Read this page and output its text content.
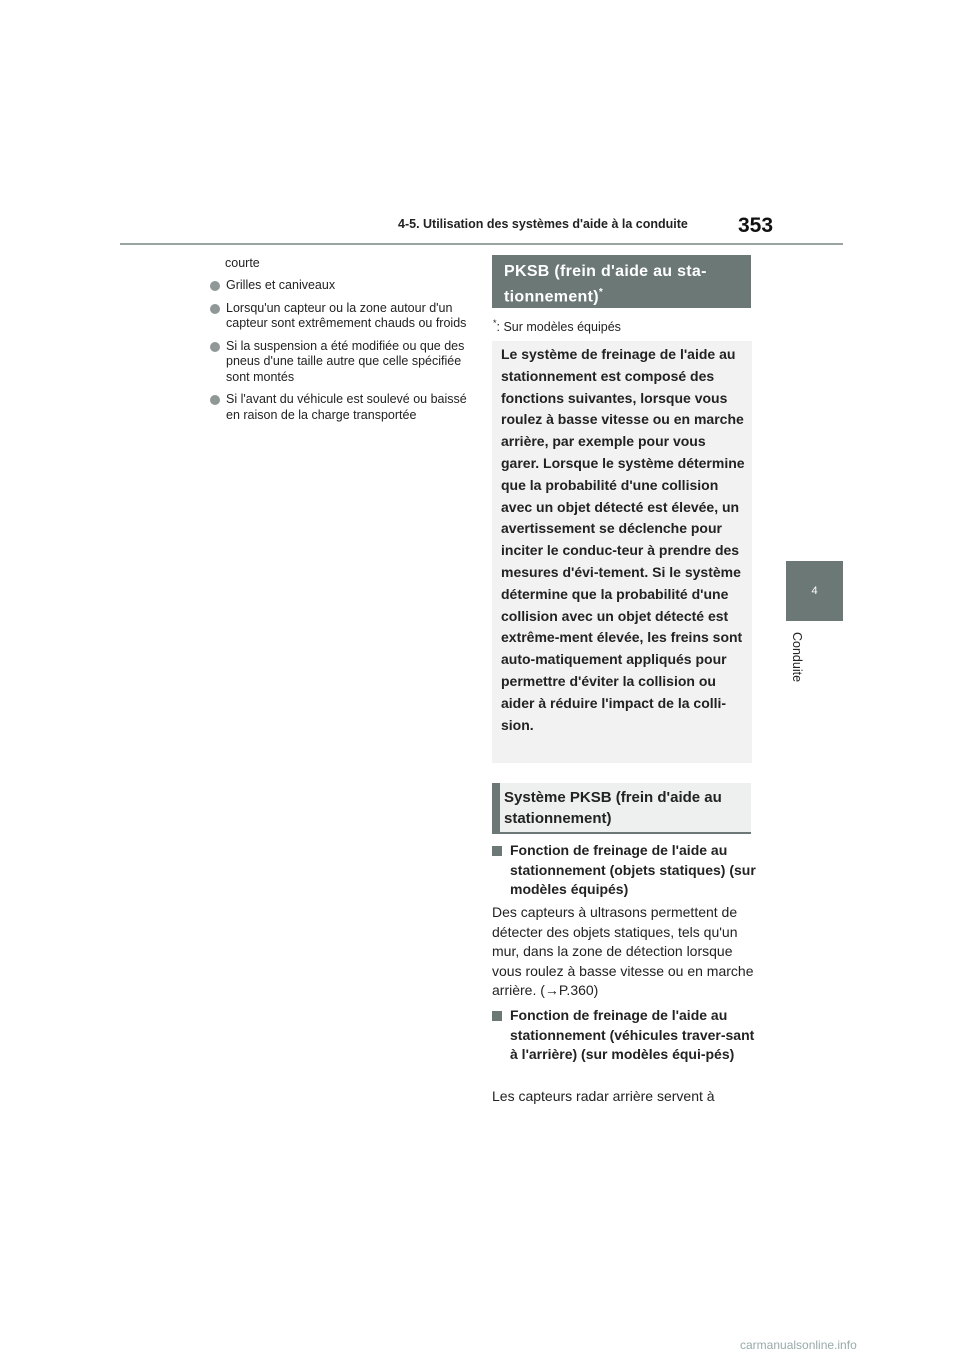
4-5. Utilisation des systèmes d'aide à la conduite 353
4
Conduite
courte
Grilles et caniveaux
Lorsqu'un capteur ou la zone autour d'un capteur sont extrêmement chauds ou froids
Si la suspension a été modifiée ou que des pneus d'une taille autre que celle spécifiée sont montés
Si l'avant du véhicule est soulevé ou baissé en raison de la charge transportée
PKSB (frein d'aide au sta-tionnement)*
*: Sur modèles équipés
Le système de freinage de l'aide au stationnement est composé des fonctions suivantes, lorsque vous roulez à basse vitesse ou en marche arrière, par exemple pour vous garer. Lorsque le système détermine que la probabilité d'une collision avec un objet détecté est élevée, un avertissement se déclenche pour inciter le conduc-teur à prendre des mesures d'évi-tement. Si le système détermine que la probabilité d'une collision avec un objet détecté est extrême-ment élevée, les freins sont auto-matiquement appliqués pour permettre d'éviter la collision ou aider à réduire l'impact de la colli-sion.
Système PKSB (frein d'aide au stationnement)
Fonction de freinage de l'aide au stationnement (objets statiques) (sur modèles équipés)
Des capteurs à ultrasons permettent de détecter des objets statiques, tels qu'un mur, dans la zone de détection lorsque vous roulez à basse vitesse ou en marche arrière. (→P.360)
Fonction de freinage de l'aide au stationnement (véhicules traver-sant à l'arrière) (sur modèles équi-pés)
Les capteurs radar arrière servent à
carmanualsonline.info
